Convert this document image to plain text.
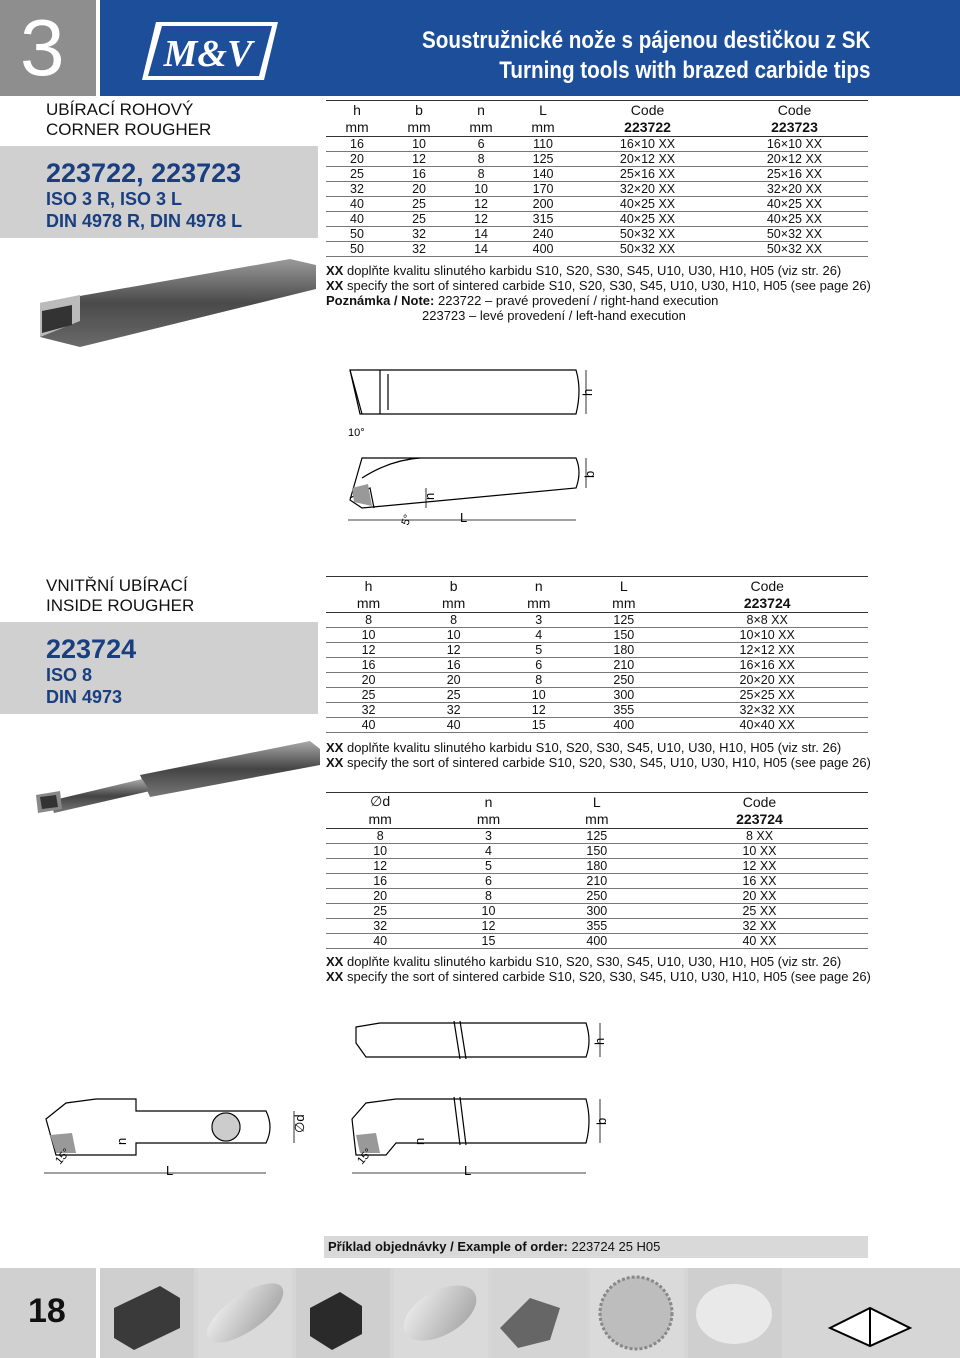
3	M&V	Soustružnické nože s pájenou destičkou z SK
Turning tools with brazed carbide tips
UBÍRACÍ ROHOVÝ
CORNER ROUGHER
223722, 223723
ISO 3 R, ISO 3 L
DIN 4978 R, DIN 4978 L
h	b	n	L	Code	Code
mm	mm	mm	mm	223722	223723
16	10	6	110	16×10 XX	16×10 XX
20	12	8	125	20×12 XX	20×12 XX
25	16	8	140	25×16 XX	25×16 XX
32	20	10	170	32×20 XX	32×20 XX
40	25	12	200	40×25 XX	40×25 XX
40	25	12	315	40×25 XX	40×25 XX
50	32	14	240	50×32 XX	50×32 XX
50	32	14	400	50×32 XX	50×32 XX
XX doplňte kvalitu slinutého karbidu S10, S20, S30, S45, U10, U30, H10, H05 (viz str. 26)
XX specify the sort of sintered carbide S10, S20, S30, S45, U10, U30, H10, H05 (see page 26)
Poznámka / Note: 223722 – pravé provedení / right-hand execution
223723 – levé provedení / left-hand execution
h
b
n
L
10°
5°
VNITŘNÍ UBÍRACÍ
INSIDE ROUGHER
223724
ISO 8
DIN 4973
h	b	n	L	Code
mm	mm	mm	mm	223724
8	8	3	125	8×8 XX
10	10	4	150	10×10 XX
12	12	5	180	12×12 XX
16	16	6	210	16×16 XX
20	20	8	250	20×20 XX
25	25	10	300	25×25 XX
32	32	12	355	32×32 XX
40	40	15	400	40×40 XX
XX doplňte kvalitu slinutého karbidu S10, S20, S30, S45, U10, U30, H10, H05 (viz str. 26)
XX specify the sort of sintered carbide S10, S20, S30, S45, U10, U30, H10, H05 (see page 26)
∅d	n	L	Code
mm	mm	mm	223724
8	3	125	8 XX
10	4	150	10 XX
12	5	180	12 XX
16	6	210	16 XX
20	8	250	20 XX
25	10	300	25 XX
32	12	355	32 XX
40	15	400	40 XX
XX doplňte kvalitu slinutého karbidu S10, S20, S30, S45, U10, U30, H10, H05 (viz str. 26)
XX specify the sort of sintered carbide S10, S20, S30, S45, U10, U30, H10, H05 (see page 26)
h
b
∅d
n	n
L	L
15°	15°
Příklad objednávky / Example of order: 223724 25 H05
18
